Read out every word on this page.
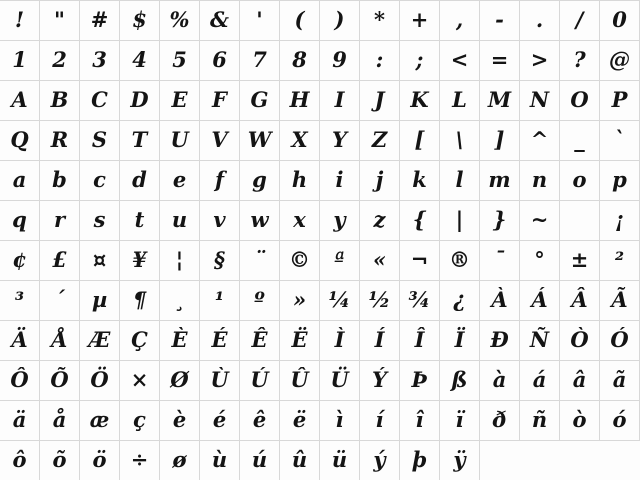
! " # $ % & ' ( ) * + , - . / 0
1 2 3 4 5 6 7 8 9 : ; < = > ? @
A B C D E F G H I J K L M N O P
Q R S T U V W X Y Z [ \ ] ^ _ `
a b c d e f g h i j k l m n o p
q r s t u v w x y z { | } ~	¡
¢ £ ¤ ¥ ¦ § ¨ © ª « ¬ ® ¯ ° ± ²
³ ´ µ ¶ ¸ ¹ º » ¼ ½ ¾ ¿ À Á Â Ã
Ä Å Æ Ç È É Ê Ë Ì Í Î Ï Ð Ñ Ò Ó
Ô Õ Ö × Ø Ù Ú Û Ü Ý Þ ß à á â ã
ä å æ ç è é ê ë ì í î ï ð ñ ò ó
ô õ ö ÷ ø ù ú û ü ý þ ÿ
